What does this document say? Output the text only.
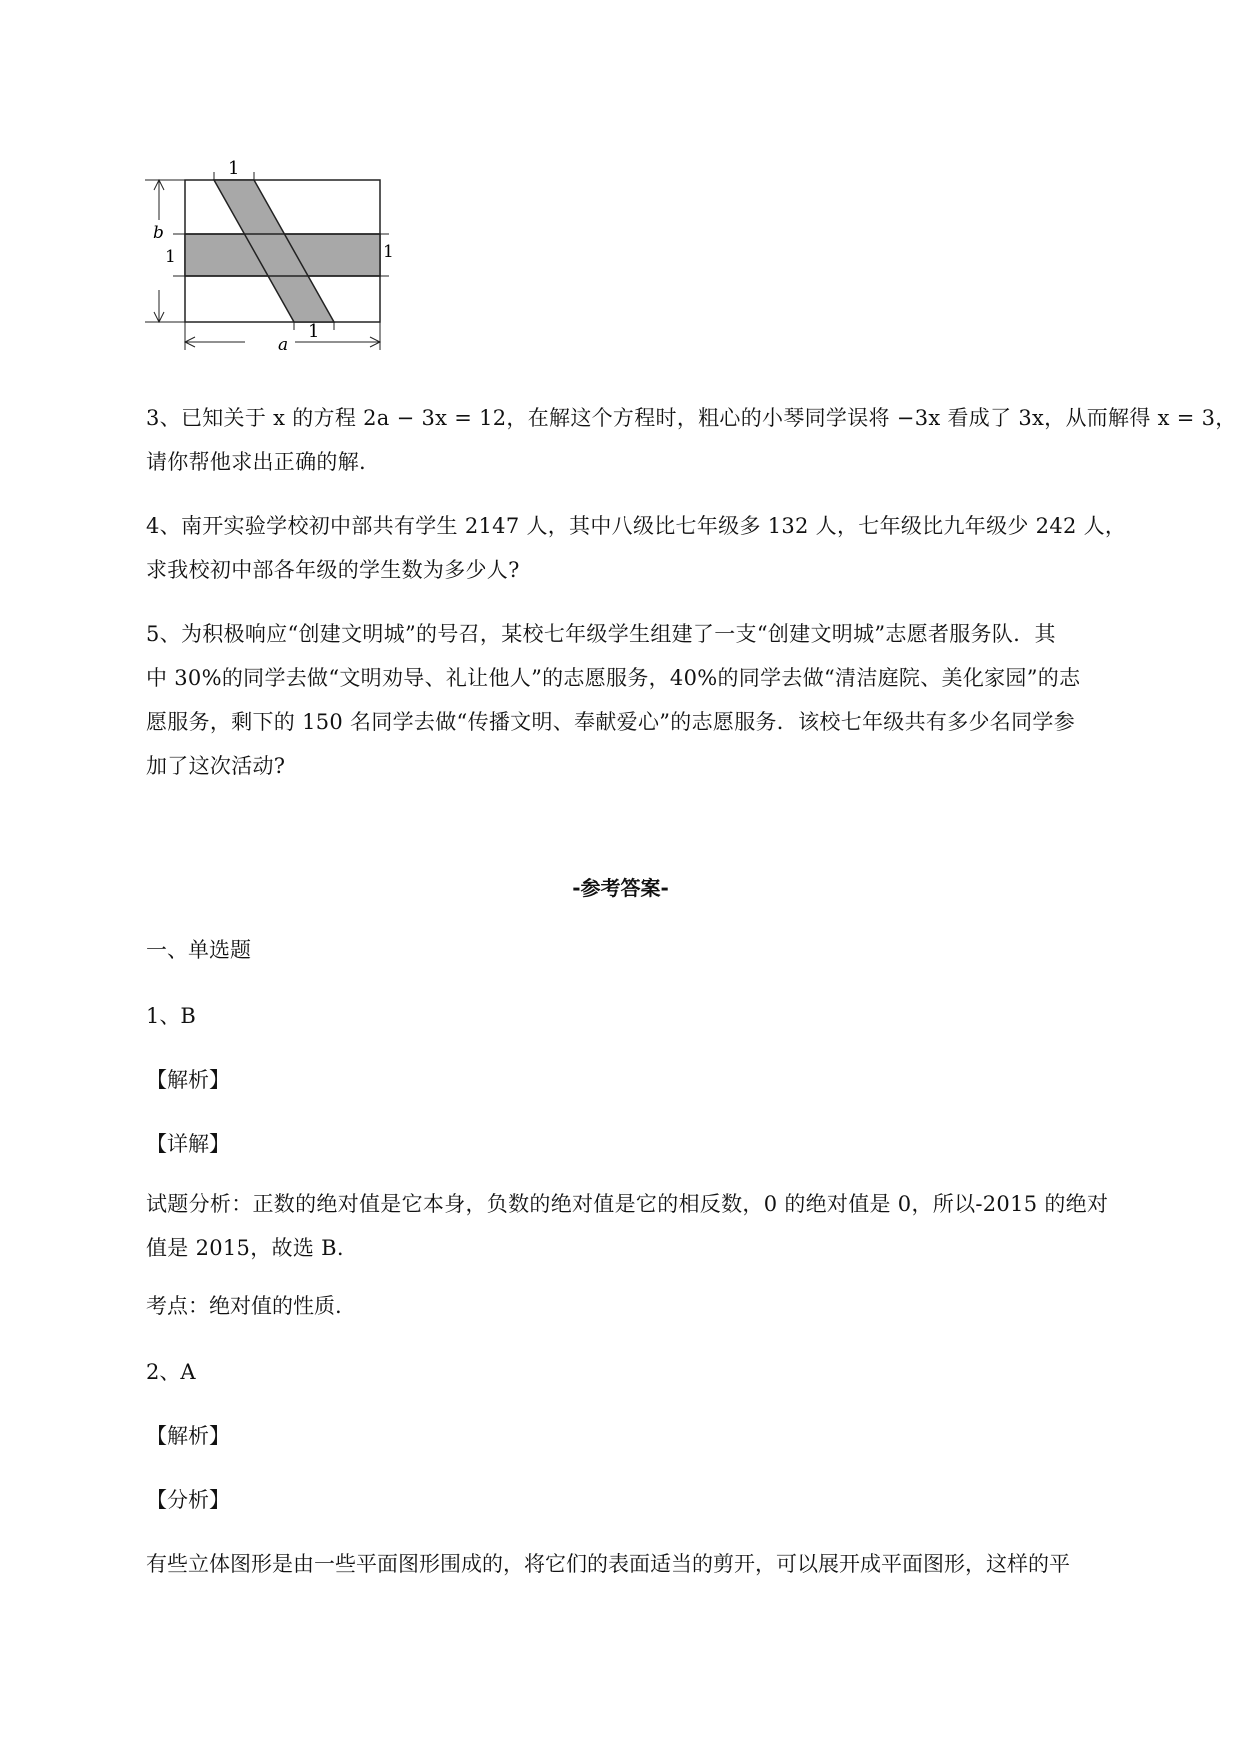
1
1
b
1	1
a
3、已知关于 x 的方程 2a − 3x = 12，在解这个方程时，粗心的小琴同学误将 −3x 看成了 3x，从而解得 x = 3，
请你帮他求出正确的解.
4、南开实验学校初中部共有学生 2147 人，其中八级比七年级多 132 人，七年级比九年级少 242 人，
求我校初中部各年级的学生数为多少人?
5、为积极响应“创建文明城”的号召，某校七年级学生组建了一支“创建文明城”志愿者服务队．其
中 30%的同学去做“文明劝导、礼让他人”的志愿服务，40%的同学去做“清洁庭院、美化家园”的志
愿服务，剩下的 150 名同学去做“传播文明、奉献爱心”的志愿服务．该校七年级共有多少名同学参
加了这次活动?
-参考答案-
一、单选题
1、B
【解析】
【详解】
试题分析：正数的绝对值是它本身，负数的绝对值是它的相反数，0 的绝对值是 0，所以-2015 的绝对
值是 2015，故选 B.
考点：绝对值的性质.
2、A
【解析】
【分析】
有些立体图形是由一些平面图形围成的，将它们的表面适当的剪开，可以展开成平面图形，这样的平
